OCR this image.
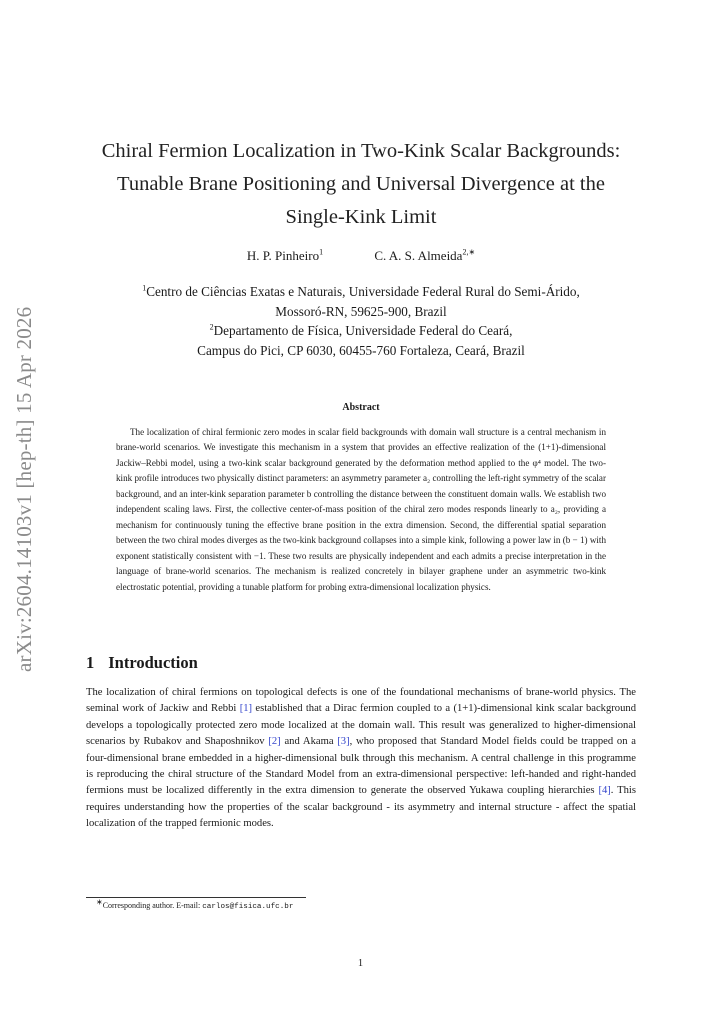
arXiv:2604.14103v1 [hep-th] 15 Apr 2026
Chiral Fermion Localization in Two-Kink Scalar Backgrounds: Tunable Brane Positioning and Universal Divergence at the Single-Kink Limit
H. P. Pinheiro$^1$	C. A. S. Almeida$^{2,∗}$
$^1$Centro de Ciências Exatas e Naturais, Universidade Federal Rural do Semi-Árido,
Mossoró-RN, 59625-900, Brazil
$^2$Departamento de Física, Universidade Federal do Ceará,
Campus do Pici, CP 6030, 60455-760 Fortaleza, Ceará, Brazil
Abstract
The localization of chiral fermionic zero modes in scalar field backgrounds with domain wall structure is a central mechanism in brane-world scenarios. We investigate this mechanism in a system that provides an effective realization of the (1+1)-dimensional Jackiw–Rebbi model, using a two-kink scalar background generated by the deformation method applied to the φ⁴ model. The two-kink profile introduces two physically distinct parameters: an asymmetry parameter a₂ controlling the left-right symmetry of the scalar background, and an inter-kink separation parameter b controlling the distance between the constituent domain walls. We establish two independent scaling laws. First, the collective center-of-mass position of the chiral zero modes responds linearly to a₂, providing a mechanism for continuously tuning the effective brane position in the extra dimension. Second, the differential spatial separation between the two chiral modes diverges as the two-kink background collapses into a simple kink, following a power law in (b − 1) with exponent statistically consistent with −1. These two results are physically independent and each admits a precise interpretation in the language of brane-world scenarios. The mechanism is realized concretely in bilayer graphene under an asymmetric two-kink electrostatic potential, providing a tunable platform for probing extra-dimensional localization physics.
1 Introduction
The localization of chiral fermions on topological defects is one of the foundational mechanisms of brane-world physics. The seminal work of Jackiw and Rebbi [1] established that a Dirac fermion coupled to a (1+1)-dimensional kink scalar background develops a topologically protected zero mode localized at the domain wall. This result was generalized to higher-dimensional scenarios by Rubakov and Shaposhnikov [2] and Akama [3], who proposed that Standard Model fields could be trapped on a four-dimensional brane embedded in a higher-dimensional bulk through this mechanism. A central challenge in this programme is reproducing the chiral structure of the Standard Model from an extra-dimensional perspective: left-handed and right-handed fermions must be localized differently in the extra dimension to generate the observed Yukawa coupling hierarchies [4]. This requires understanding how the properties of the scalar background - its asymmetry and internal structure - affect the spatial localization of the trapped fermionic modes.
∗Corresponding author. E-mail: carlos@fisica.ufc.br
1
